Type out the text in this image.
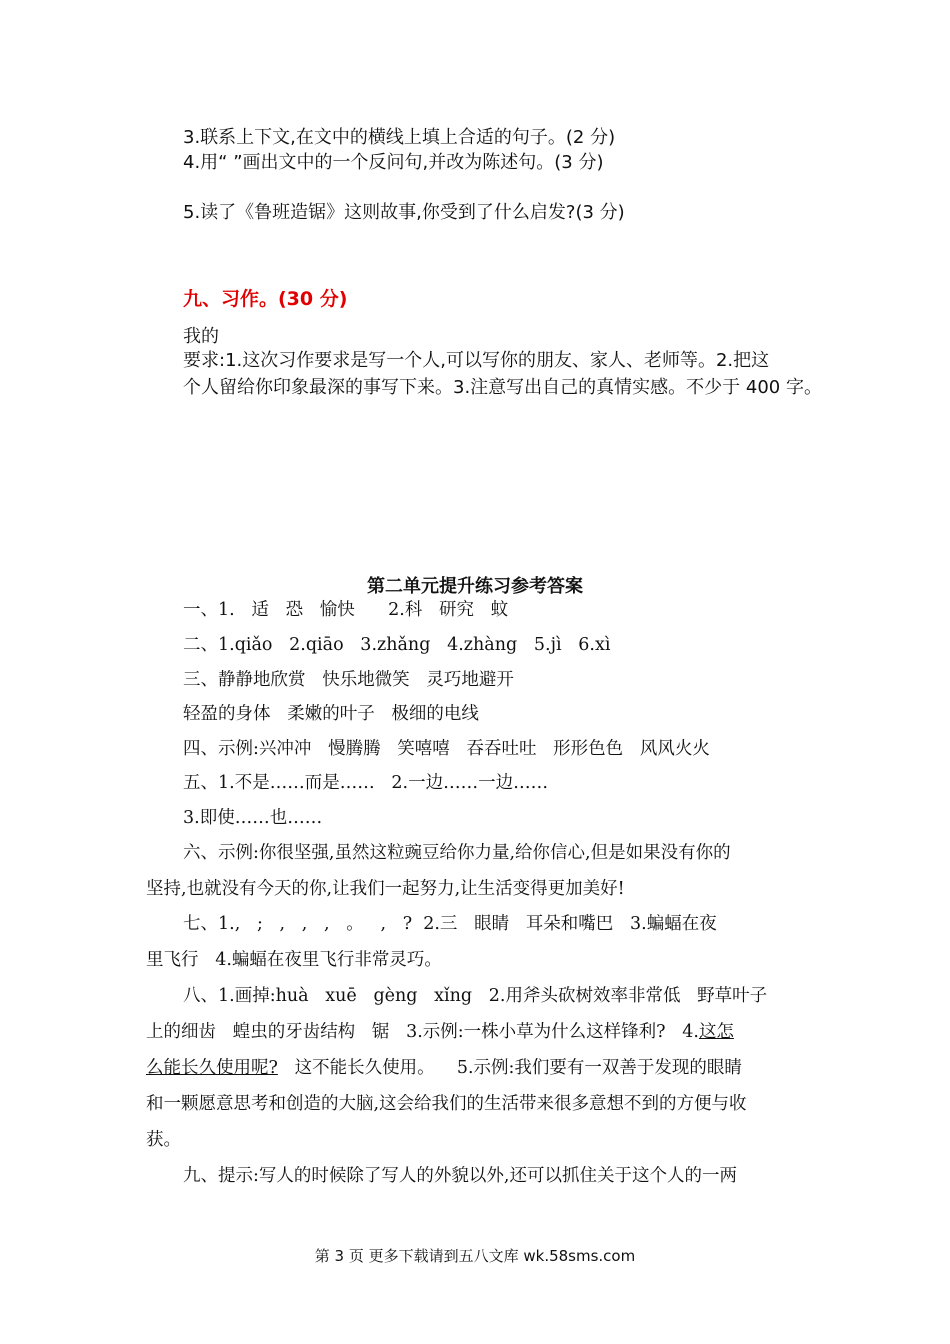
3.联系上下文,在文中的横线上填上合适的句子。(2 分)
4.用“ ”画出文中的一个反问句,并改为陈述句。(3 分)
5.读了《鲁班造锯》这则故事,你受到了什么启发?(3 分)
九、习作。(30 分)
我的
要求:1.这次习作要求是写一个人,可以写你的朋友、家人、老师等。2.把这
个人留给你印象最深的事写下来。3.注意写出自己的真情实感。不少于 400 字。
第二单元提升练习参考答案
一、1.   适   恐   愉快      2.科   研究   蚊
二、1.qiǎo   2.qiāo   3.zhǎng   4.zhàng   5.jì   6.xì
三、静静地欣赏   快乐地微笑   灵巧地避开
轻盈的身体   柔嫩的叶子   极细的电线
四、示例:兴冲冲   慢腾腾   笑嘻嘻   吞吞吐吐   形形色色   风风火火
五、1.不是……而是……   2.一边……一边……
3.即使……也……
六、示例:你很坚强,虽然这粒豌豆给你力量,给你信心,但是如果没有你的
坚持,也就没有今天的你,让我们一起努力,让生活变得更加美好!
七、1.,   ;   ,   ,   ,   。   ,   ?  2.三   眼睛   耳朵和嘴巴   3.蝙蝠在夜
里飞行   4.蝙蝠在夜里飞行非常灵巧。
八、1.画掉:huà   xuē   gèng   xǐng   2.用斧头砍树效率非常低   野草叶子
上的细齿   蝗虫的牙齿结构   锯   3.示例:一株小草为什么这样锋利?   4.这怎
么能长久使用呢?   这不能长久使用。    5.示例:我们要有一双善于发现的眼睛
和一颗愿意思考和创造的大脑,这会给我们的生活带来很多意想不到的方便与收
获。
九、提示:写人的时候除了写人的外貌以外,还可以抓住关于这个人的一两
第 3 页 更多下载请到五八文库 wk.58sms.com
